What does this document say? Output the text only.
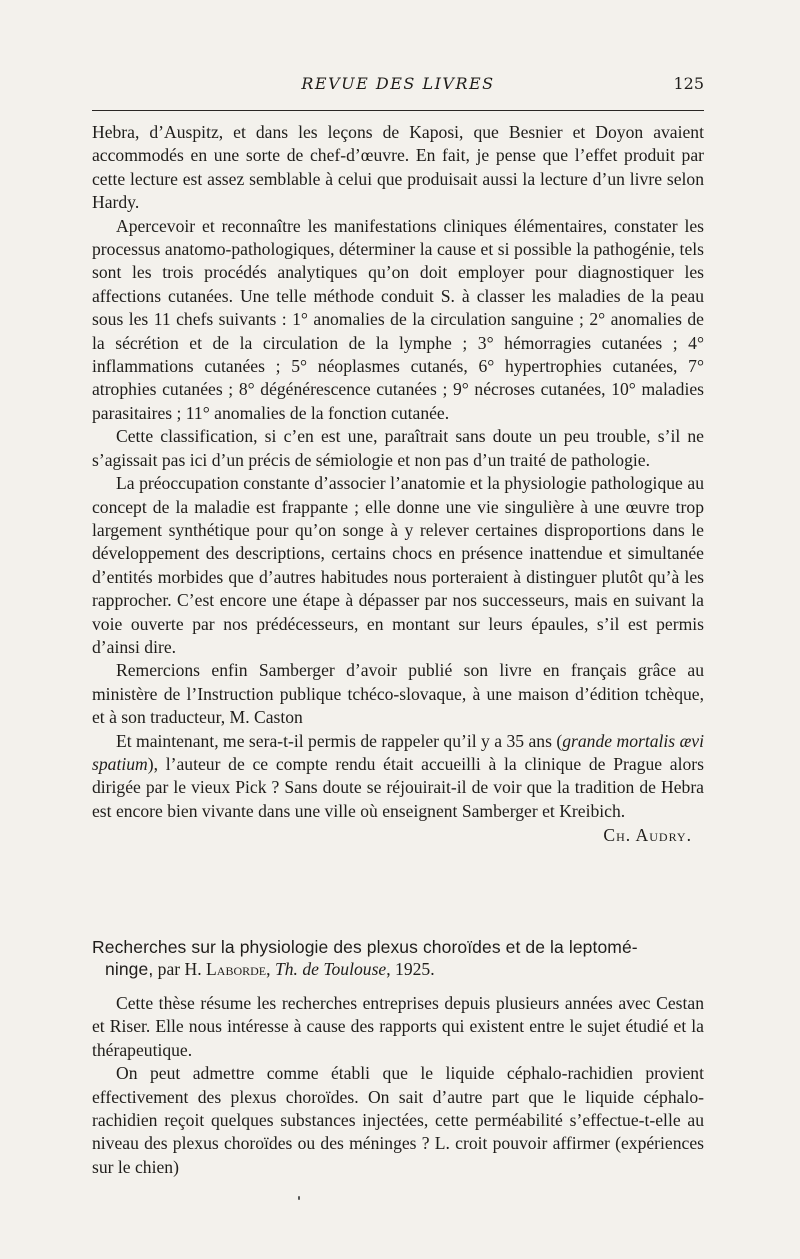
REVUE DES LIVRES	125

Hebra, d’Auspitz, et dans les leçons de Kaposi, que Besnier et Doyon avaient accommodés en une sorte de chef-d’œuvre. En fait, je pense que l’effet produit par cette lecture est assez semblable à celui que produisait aussi la lecture d’un livre selon Hardy.

Apercevoir et reconnaître les manifestations cliniques élémentaires, constater les processus anatomo-pathologiques, déterminer la cause et si possible la pathogénie, tels sont les trois procédés analytiques qu’on doit employer pour diagnostiquer les affections cutanées. Une telle méthode conduit S. à classer les maladies de la peau sous les 11 chefs suivants : 1° anomalies de la circulation sanguine ; 2° anomalies de la sécrétion et de la circulation de la lymphe ; 3° hémorragies cutanées ; 4° inflammations cutanées ; 5° néoplasmes cutanés, 6° hypertrophies cutanées, 7° atrophies cutanées ; 8° dégénérescence cutanées ; 9° nécroses cutanées, 10° maladies parasitaires ; 11° anomalies de la fonction cutanée.

Cette classification, si c’en est une, paraîtrait sans doute un peu trouble, s’il ne s’agissait pas ici d’un précis de sémiologie et non pas d’un traité de pathologie.

La préoccupation constante d’associer l’anatomie et la physiologie pathologique au concept de la maladie est frappante ; elle donne une vie singulière à une œuvre trop largement synthétique pour qu’on songe à y relever certaines disproportions dans le développement des descriptions, certains chocs en présence inattendue et simultanée d’entités morbides que d’autres habitudes nous porteraient à distinguer plutôt qu’à les rapprocher. C’est encore une étape à dépasser par nos successeurs, mais en suivant la voie ouverte par nos prédécesseurs, en montant sur leurs épaules, s’il est permis d’ainsi dire.

Remercions enfin Samberger d’avoir publié son livre en français grâce au ministère de l’Instruction publique tchéco-slovaque, à une maison d’édition tchèque, et à son traducteur, M. Caston

Et maintenant, me sera-t-il permis de rappeler qu’il y a 35 ans (grande mortalis ævi spatium), l’auteur de ce compte rendu était accueilli à la clinique de Prague alors dirigée par le vieux Pick ? Sans doute se réjouirait-il de voir que la tradition de Hebra est encore bien vivante dans une ville où enseignent Samberger et Kreibich.

Ch. Audry.

Recherches sur la physiologie des plexus choroïdes et de la leptomé-
ninge, par H. Laborde, Th. de Toulouse, 1925.

Cette thèse résume les recherches entreprises depuis plusieurs années avec Cestan et Riser. Elle nous intéresse à cause des rapports qui existent entre le sujet étudié et la thérapeutique.

On peut admettre comme établi que le liquide céphalo-rachidien provient effectivement des plexus choroïdes. On sait d’autre part que le liquide céphalo-rachidien reçoit quelques substances injectées, cette perméabilité s’effectue-t-elle au niveau des plexus choroïdes ou des méninges ? L. croit pouvoir affirmer (expériences sur le chien)
